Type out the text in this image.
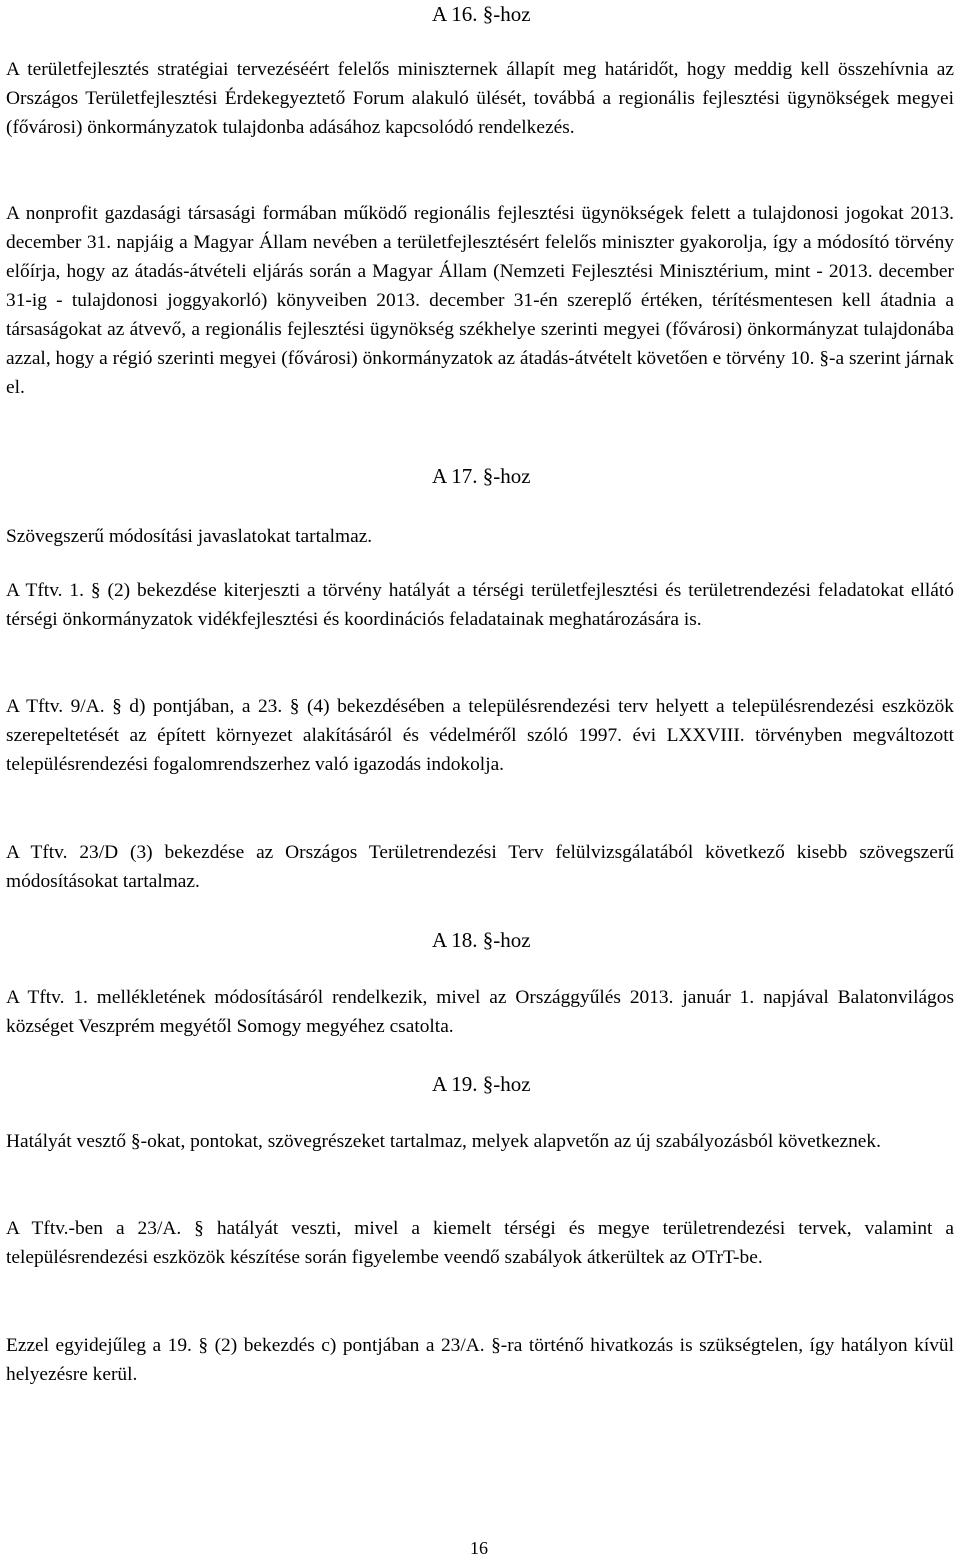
A 16. §-hoz

A területfejlesztés stratégiai tervezéséért felelős miniszternek állapít meg határidőt, hogy meddig kell összehívnia az Országos Területfejlesztési Érdekegyeztető Forum alakuló ülését, továbbá a regionális fejlesztési ügynökségek megyei (fővárosi) önkormányzatok tulajdonba adásához kapcsolódó rendelkezés.

A nonprofit gazdasági társasági formában működő regionális fejlesztési ügynökségek felett a tulajdonosi jogokat 2013. december 31. napjáig a Magyar Állam nevében a területfejlesztésért felelős miniszter gyakorolja, így a módosító törvény előírja, hogy az átadás-átvételi eljárás során a Magyar Állam (Nemzeti Fejlesztési Minisztérium, mint - 2013. december 31-ig - tulajdonosi joggyakorló) könyveiben 2013. december 31-én szereplő értéken, térítésmentesen kell átadnia a társaságokat az átvevő, a regionális fejlesztési ügynökség székhelye szerinti megyei (fővárosi) önkormányzat tulajdonába azzal, hogy a régió szerinti megyei (fővárosi) önkormányzatok az átadás-átvételt követően e törvény 10. §-a szerint járnak el.

A 17. §-hoz

Szövegszerű módosítási javaslatokat tartalmaz.

A Tftv. 1. § (2) bekezdése kiterjeszti a törvény hatályát a térségi területfejlesztési és területrendezési feladatokat ellátó térségi önkormányzatok vidékfejlesztési és koordinációs feladatainak meghatározására is.

A Tftv. 9/A. § d) pontjában, a 23. § (4) bekezdésében a településrendezési terv helyett a településrendezési eszközök szerepeltetését az épített környezet alakításáról és védelméről szóló 1997. évi LXXVIII. törvényben megváltozott településrendezési fogalomrendszerhez való igazodás indokolja.

A Tftv. 23/D (3) bekezdése az Országos Területrendezési Terv felülvizsgálatából következő kisebb szövegszerű módosításokat tartalmaz.

A 18. §-hoz

A Tftv. 1. mellékletének módosításáról rendelkezik, mivel az Országgyűlés 2013. január 1. napjával Balatonvilágos községet Veszprém megyétől Somogy megyéhez csatolta.

A 19. §-hoz

Hatályát vesztő §-okat, pontokat, szövegrészeket tartalmaz, melyek alapvetőn az új szabályozásból következnek.

A Tftv.-ben a 23/A. § hatályát veszti, mivel a kiemelt térségi és megye területrendezési tervek, valamint a településrendezési eszközök készítése során figyelembe veendő szabályok átkerültek az OTrT-be.

Ezzel egyidejűleg a 19. § (2) bekezdés c) pontjában a 23/A. §-ra történő hivatkozás is szükségtelen, így hatályon kívül helyezésre kerül.

16
